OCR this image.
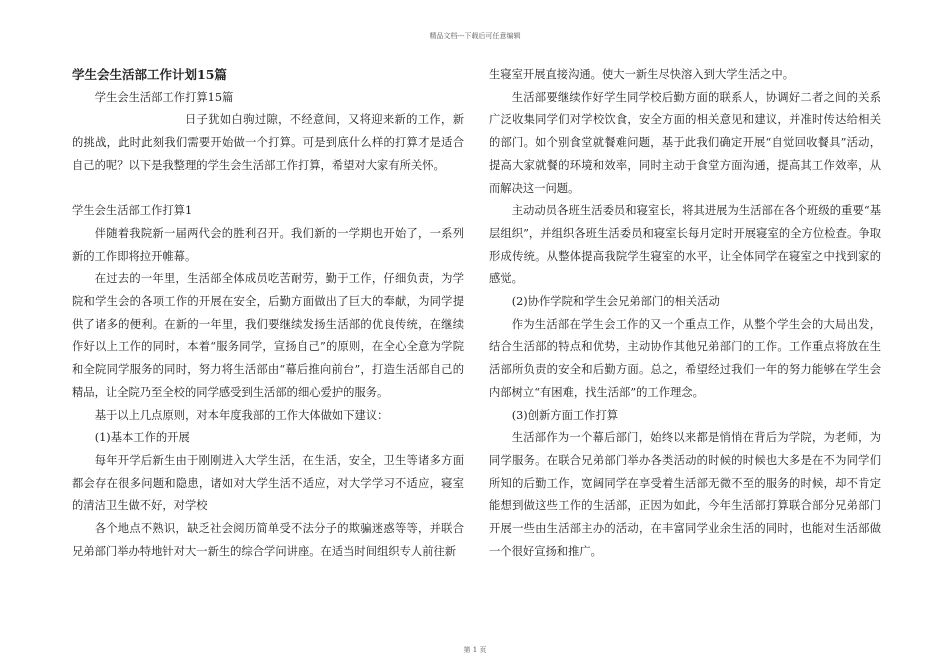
精品文档---下载后可任意编辑

学生会生活部工作计划15篇

学生会生活部工作打算15篇

日子犹如白驹过隙，不经意间，又将迎来新的工作，新的挑战，此时此刻我们需要开始做一个打算。可是到底什么样的打算才是适合自己的呢？以下是我整理的学生会生活部工作打算，希望对大家有所关怀。

学生会生活部工作打算1

伴随着我院新一届两代会的胜利召开。我们新的一学期也开始了，一系列新的工作即将拉开帷幕。

在过去的一年里，生活部全体成员吃苦耐劳，勤于工作，仔细负责，为学院和学生会的各项工作的开展在安全，后勤方面做出了巨大的奉献，为同学提供了诸多的便利。在新的一年里，我们要继续发扬生活部的优良传统，在继续作好以上工作的同时，本着“服务同学，宣扬自己”的原则，在全心全意为学院和全院同学服务的同时，努力将生活部由“幕后推向前台”，打造生活部自己的精品，让全院乃至全校的同学感受到生活部的细心爱护的服务。

基于以上几点原则，对本年度我部的工作大体做如下建议：

(1)基本工作的开展

每年开学后新生由于刚刚进入大学生活，在生活，安全，卫生等诸多方面都会存在很多问题和隐患，诸如对大学生活不适应，对大学学习不适应，寝室的清洁卫生做不好，对学校

各个地点不熟识，缺乏社会阅历简单受不法分子的欺骗迷惑等等，并联合兄弟部门举办特地针对大一新生的综合学问讲座。在适当时间组织专人前往新

生寝室开展直接沟通。使大一新生尽快溶入到大学生活之中。

生活部要继续作好学生同学校后勤方面的联系人，协调好二者之间的关系广泛收集同学们对学校饮食，安全方面的相关意见和建议，并准时传达给相关的部门。如个别食堂就餐难问题，基于此我们确定开展“自觉回收餐具”活动，提高大家就餐的环境和效率，同时主动于食堂方面沟通，提高其工作效率，从而解决这一问题。

主动动员各班生活委员和寝室长，将其进展为生活部在各个班级的重要“基层组织”，并组织各班生活委员和寝室长每月定时开展寝室的全方位检查。争取形成传统。从整体提高我院学生寝室的水平，让全体同学在寝室之中找到家的感觉。

(2)协作学院和学生会兄弟部门的相关活动

作为生活部在学生会工作的又一个重点工作，从整个学生会的大局出发，结合生活部的特点和优势，主动协作其他兄弟部门的工作。工作重点将放在生活部所负责的安全和后勤方面。总之，希望经过我们一年的努力能够在学生会内部树立“有困难，找生活部”的工作理念。

(3)创新方面工作打算

生活部作为一个幕后部门，始终以来都是悄悄在背后为学院，为老师，为同学服务。在联合兄弟部门举办各类活动的时候的时候也大多是在不为同学们所知的后勤工作，宽阔同学在享受着生活部无微不至的服务的时候，却不肯定能想到做这些工作的生活部，正因为如此，今年生活部打算联合部分兄弟部门开展一些由生活部主办的活动，在丰富同学业余生活的同时，也能对生活部做一个很好宣扬和推广。

第 1 页
